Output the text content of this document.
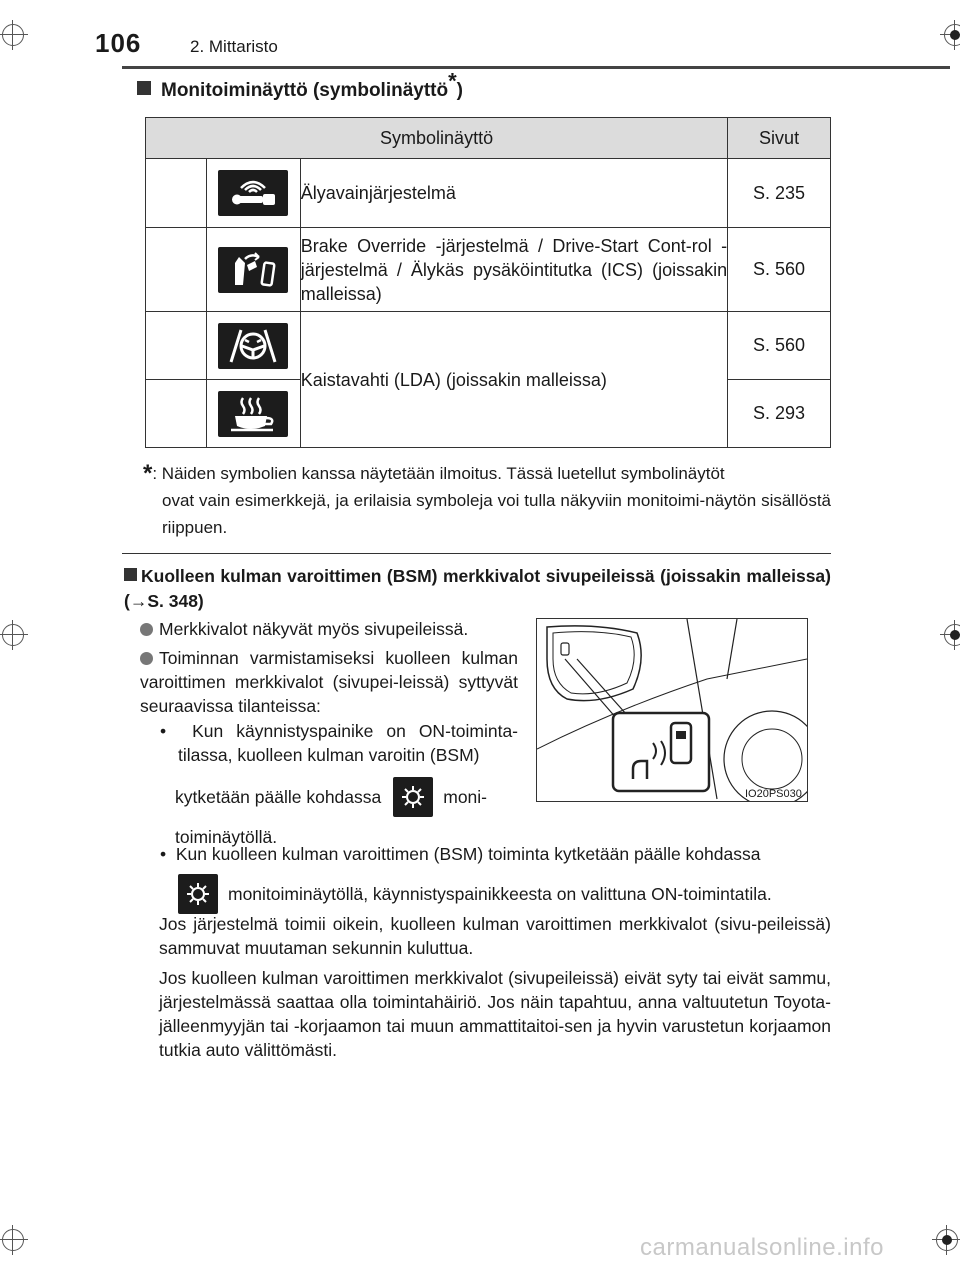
106	2. Mittaristo
Monitoiminäyttö (symbolinäyttö*)
Symbolinäyttö			Sivut

	Älyavainjärjestelmä	S. 235

	Brake Override -järjestelmä / Drive-Start Cont-rol -järjestelmä / Älykäs pysäköintitutka (ICS) (joissakin malleissa)	S. 560

	Kaistavahti (LDA) (joissakin malleissa)	S. 560

	S. 293
*: Näiden symbolien kanssa näytetään ilmoitus. Tässä luetellut symbolinäytöt
ovat vain esimerkkejä, ja erilaisia symboleja voi tulla näkyviin monitoimi-näytön sisällöstä riippuen.
Kuolleen kulman varoittimen (BSM) merkkivalot sivupeileissä (joissakin malleissa) (→S. 348)
Merkkivalot näkyvät myös sivupeileissä.
Toiminnan varmistamiseksi kuolleen kulman varoittimen merkkivalot (sivupei-leissä) syttyvät seuraavissa tilanteissa:
•  Kun käynnistyspainike on ON-toiminta-tilassa, kuolleen kulman varoitin (BSM)
kytketään päälle kohdassa	moni-
toiminäytöllä.
•  Kun kuolleen kulman varoittimen (BSM) toiminta kytketään päälle kohdassa
monitoiminäytöllä, käynnistyspainikkeesta on valittuna ON-toimintatila.
Jos järjestelmä toimii oikein, kuolleen kulman varoittimen merkkivalot (sivu-peileissä) sammuvat muutaman sekunnin kuluttua.
Jos kuolleen kulman varoittimen merkkivalot (sivupeileissä) eivät syty tai eivät sammu, järjestelmässä saattaa olla toimintahäiriö. Jos näin tapahtuu, anna valtuutetun Toyota-jälleenmyyjän tai -korjaamon tai muun ammattitaitoi-sen ja hyvin varustetun korjaamon tutkia auto välittömästi.
IO20PS030
carmanualsonline.info
